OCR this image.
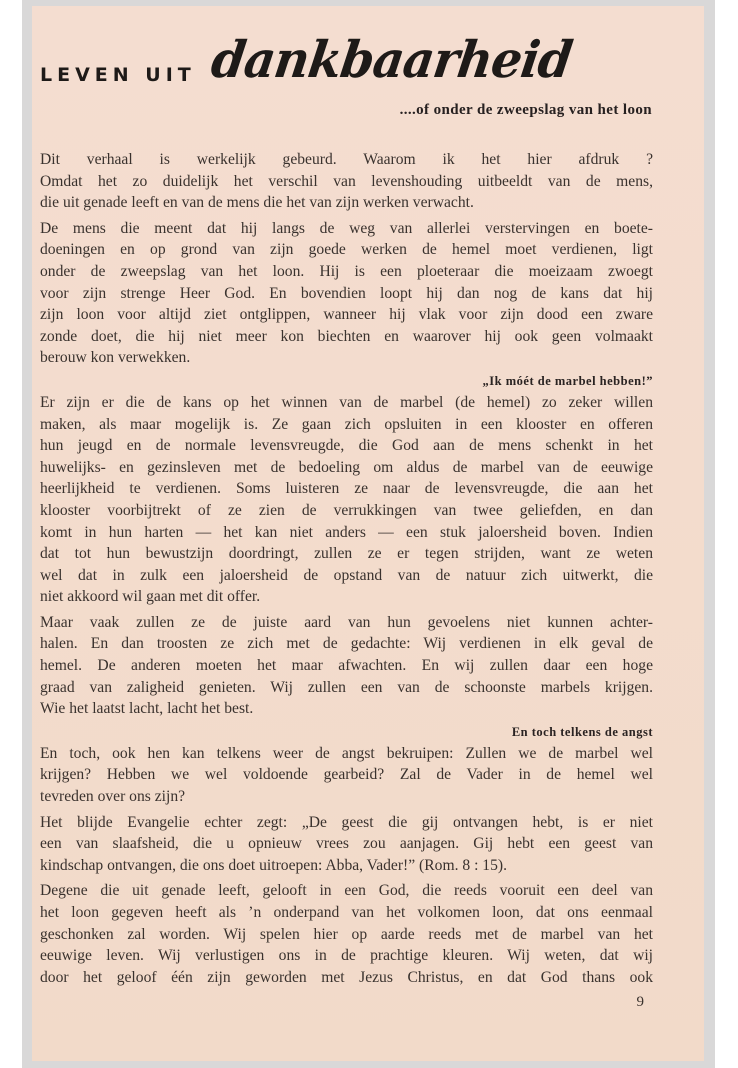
LEVEN UIT dankbaarheid
....of onder de zweepslag van het loon

Dit verhaal is werkelijk gebeurd. Waarom ik het hier afdruk ?
Omdat het zo duidelijk het verschil van levenshouding uitbeeldt van de mens,
die uit genade leeft en van de mens die het van zijn werken verwacht.

De mens die meent dat hij langs de weg van allerlei verstervingen en boete-
doeningen en op grond van zijn goede werken de hemel moet verdienen, ligt
onder de zweepslag van het loon. Hij is een ploeteraar die moeizaam zwoegt
voor zijn strenge Heer God. En bovendien loopt hij dan nog de kans dat hij
zijn loon voor altijd ziet ontglippen, wanneer hij vlak voor zijn dood een zware
zonde doet, die hij niet meer kon biechten en waarover hij ook geen volmaakt
berouw kon verwekken.

„Ik móét de marbel hebben!”

Er zijn er die de kans op het winnen van de marbel (de hemel) zo zeker willen
maken, als maar mogelijk is. Ze gaan zich opsluiten in een klooster en offeren
hun jeugd en de normale levensvreugde, die God aan de mens schenkt in het
huwelijks- en gezinsleven met de bedoeling om aldus de marbel van de eeuwige
heerlijkheid te verdienen. Soms luisteren ze naar de levensvreugde, die aan het
klooster voorbijtrekt of ze zien de verrukkingen van twee geliefden, en dan
komt in hun harten — het kan niet anders — een stuk jaloersheid boven. Indien
dat tot hun bewustzijn doordringt, zullen ze er tegen strijden, want ze weten
wel dat in zulk een jaloersheid de opstand van de natuur zich uitwerkt, die
niet akkoord wil gaan met dit offer.

Maar vaak zullen ze de juiste aard van hun gevoelens niet kunnen achter-
halen. En dan troosten ze zich met de gedachte: Wij verdienen in elk geval de
hemel. De anderen moeten het maar afwachten. En wij zullen daar een hoge
graad van zaligheid genieten. Wij zullen een van de schoonste marbels krijgen.
Wie het laatst lacht, lacht het best.

En toch telkens de angst

En toch, ook hen kan telkens weer de angst bekruipen: Zullen we de marbel wel
krijgen? Hebben we wel voldoende gearbeid? Zal de Vader in de hemel wel
tevreden over ons zijn?

Het blijde Evangelie echter zegt: „De geest die gij ontvangen hebt, is er niet
een van slaafsheid, die u opnieuw vrees zou aanjagen. Gij hebt een geest van
kindschap ontvangen, die ons doet uitroepen: Abba, Vader!” (Rom. 8 : 15).

Degene die uit genade leeft, gelooft in een God, die reeds vooruit een deel van
het loon gegeven heeft als ’n onderpand van het volkomen loon, dat ons eenmaal
geschonken zal worden. Wij spelen hier op aarde reeds met de marbel van het
eeuwige leven. Wij verlustigen ons in de prachtige kleuren. Wij weten, dat wij
door het geloof één zijn geworden met Jezus Christus, en dat God thans ook

9
